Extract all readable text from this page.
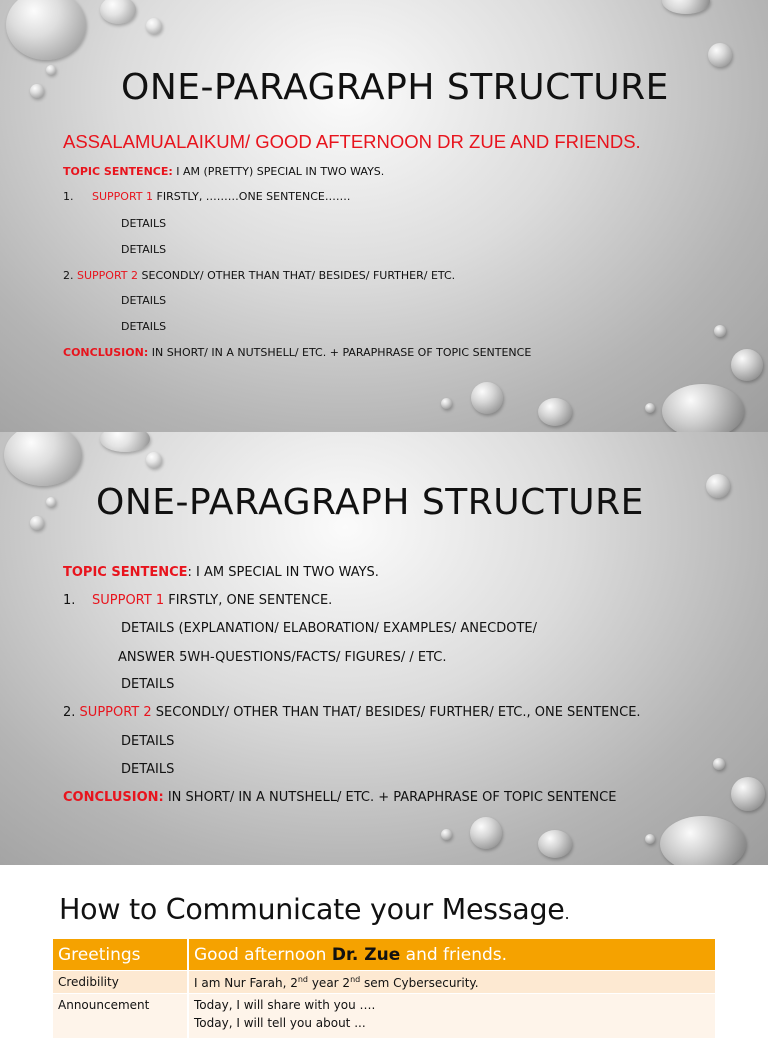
ONE-PARAGRAPH STRUCTURE
ASSALAMUALAIKUM/ GOOD AFTERNOON DR ZUE AND FRIENDS.
TOPIC SENTENCE: I AM (PRETTY) SPECIAL IN TWO WAYS.
1. SUPPORT 1 FIRSTLY, ………ONE SENTENCE…….
DETAILS
DETAILS
2. SUPPORT 2 SECONDLY/ OTHER THAN THAT/ BESIDES/ FURTHER/ ETC.
DETAILS
DETAILS
CONCLUSION: IN SHORT/ IN A NUTSHELL/ ETC. + PARAPHRASE OF TOPIC SENTENCE
ONE-PARAGRAPH STRUCTURE
TOPIC SENTENCE: I AM SPECIAL IN TWO WAYS.
1. SUPPORT 1 FIRSTLY, ONE SENTENCE.
DETAILS (EXPLANATION/ ELABORATION/ EXAMPLES/ ANECDOTE/
ANSWER 5WH-QUESTIONS/FACTS/ FIGURES/ / ETC.
DETAILS
2. SUPPORT 2 SECONDLY/ OTHER THAN THAT/ BESIDES/ FURTHER/ ETC., ONE SENTENCE.
DETAILS
DETAILS
CONCLUSION: IN SHORT/ IN A NUTSHELL/ ETC. + PARAPHRASE OF TOPIC SENTENCE
How to Communicate your Message.
Greetings	Good afternoon Dr. Zue and friends.
Credibility	I am Nur Farah, 2nd year 2nd sem Cybersecurity.
Announcement	Today, I will share with you ….
Today, I will tell you about ...
